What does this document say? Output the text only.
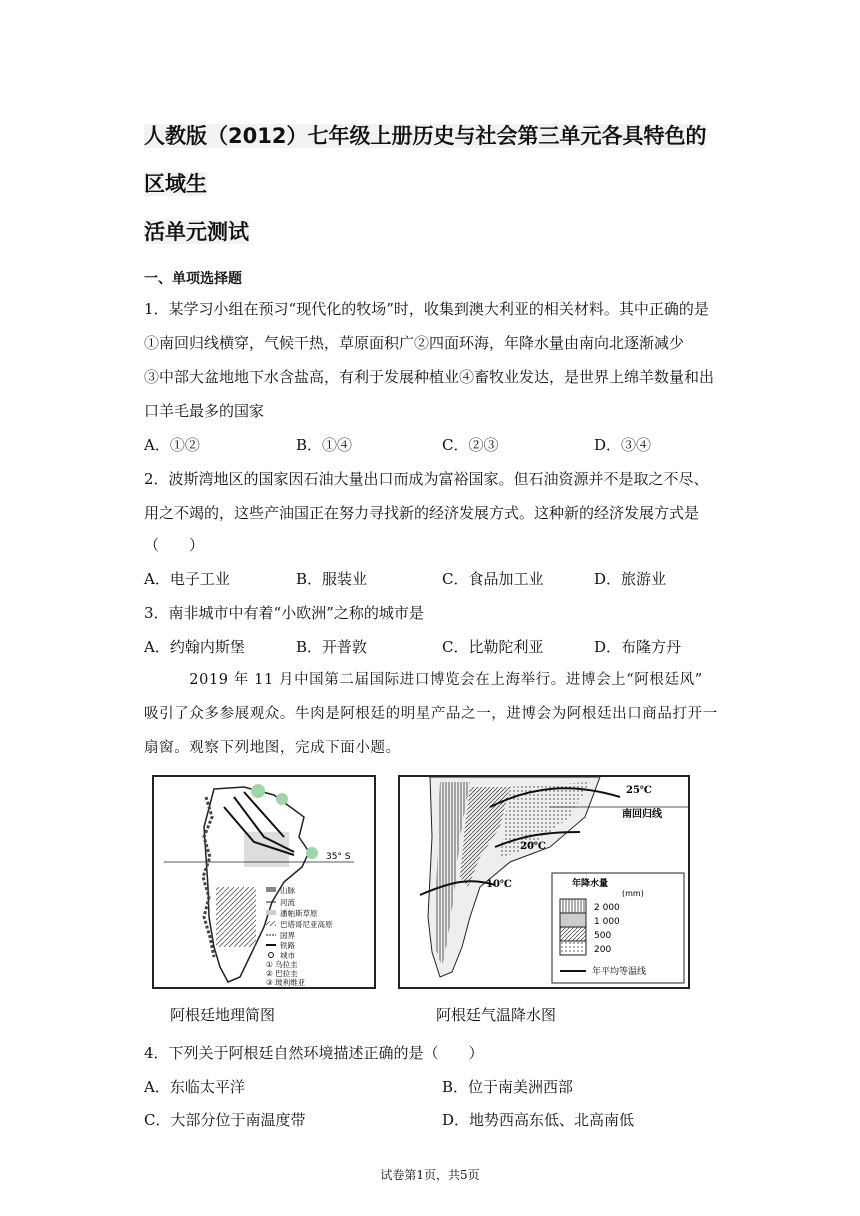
人教版（2012）七年级上册历史与社会第三单元各具特色的区域生
活单元测试
一、单项选择题
1．某学习小组在预习“现代化的牧场”时，收集到澳大利亚的相关材料。其中正确的是
①南回归线横穿，气候干热，草原面积广②四面环海，年降水量由南向北逐渐减少
③中部大盆地地下水含盐高，有利于发展种植业④畜牧业发达，是世界上绵羊数量和出
口羊毛最多的国家
A．①②	B．①④	C．②③	D．③④
2．波斯湾地区的国家因石油大量出口而成为富裕国家。但石油资源并不是取之不尽、
用之不竭的，这些产油国正在努力寻找新的经济发展方式。这种新的经济发展方式是
（　　）
A．电子工业	B．服装业	C．食品加工业	D．旅游业
3．南非城市中有着“小欧洲”之称的城市是
A．约翰内斯堡	B．开普敦	C．比勒陀利亚	D．布隆方丹
　　　2019 年 11 月中国第二届国际进口博览会在上海举行。进博会上“阿根廷风”
吸引了众多参展观众。牛肉是阿根廷的明星产品之一，进博会为阿根廷出口商品打开一
扇窗。观察下列地图，完成下面小题。
35° S
山脉
河流
潘帕斯草原
巴塔哥尼亚高原
国界
铁路
城市
① 乌拉圭
② 巴拉圭
③ 玻利维亚
阿根廷地理简图
25℃
南回归线
20℃
10℃	年降水量
(mm)
2 000
1 000
500
200
年平均等温线
阿根廷气温降水图
4．下列关于阿根廷自然环境描述正确的是（　　）
A．东临太平洋	B．位于南美洲西部
C．大部分位于南温度带	D．地势西高东低、北高南低
试卷第1页，共5页
